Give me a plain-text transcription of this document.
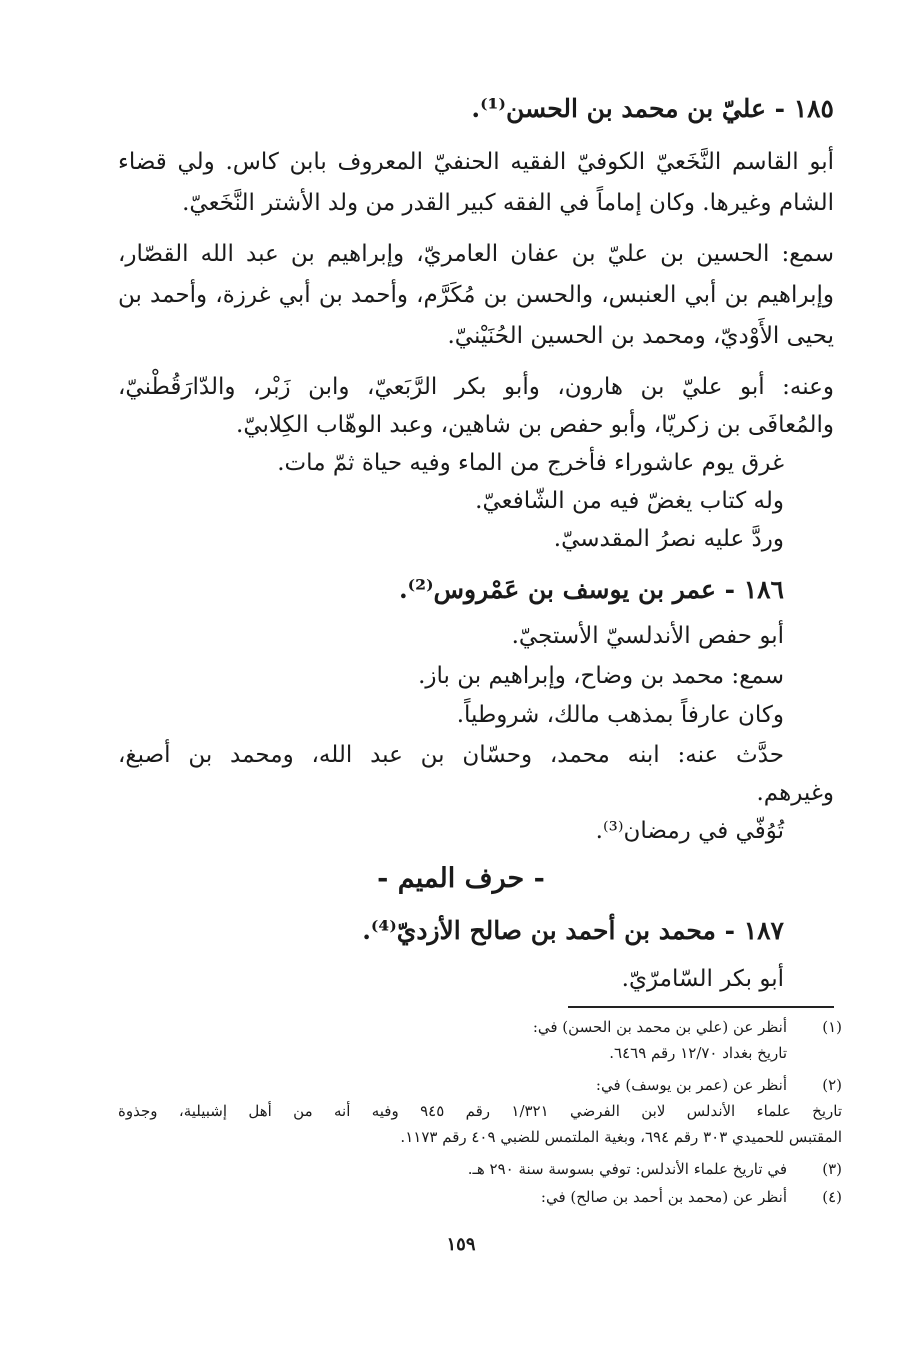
١٨٥ - عليّ بن محمد بن الحسن⁽¹⁾.
أبو القاسم النَّخَعيّ الكوفيّ الفقيه الحنفيّ المعروف بابن كاس. ولي قضاء
الشام وغيرها. وكان إماماً في الفقه كبير القدر من ولد الأشتر النَّخَعيّ.
سمع: الحسين بن عليّ بن عفان العامريّ، وإبراهيم بن عبد الله القصّار،
وإبراهيم بن أبي العنبس، والحسن بن مُكَرَّم، وأحمد بن أبي غرزة، وأحمد بن
يحيى الأَوْديّ، ومحمد بن الحسين الحُنَيْنيّ.
وعنه: أبو عليّ بن هارون، وأبو بكر الرَّبَعيّ، وابن زَبْر، والدّارَقُطْنيّ،
والمُعافَى بن زكريّا، وأبو حفص بن شاهين، وعبد الوهّاب الكِلابيّ.
غرق يوم عاشوراء فأخرج من الماء وفيه حياة ثمّ مات.
وله كتاب يغضّ فيه من الشّافعيّ.
وردَّ عليه نصرُ المقدسيّ.
١٨٦ - عمر بن يوسف بن عَمْروس⁽²⁾.
أبو حفص الأندلسيّ الأستجيّ.
سمع: محمد بن وضاح، وإبراهيم بن باز.
وكان عارفاً بمذهب مالك، شروطياً.
حدَّث عنه: ابنه محمد، وحسّان بن عبد الله، ومحمد بن أصبغ،
وغيرهم.
تُوُفّي في رمضان⁽³⁾.
- حرف الميم -
١٨٧ - محمد بن أحمد بن صالح الأزديّ⁽⁴⁾.
أبو بكر السّامرّيّ.
(١)
أنظر عن (علي بن محمد بن الحسن) في:
تاريخ بغداد ١٢/٧٠ رقم ٦٤٦٩.
(٢)
أنظر عن (عمر بن يوسف) في:
تاريخ علماء الأندلس لابن الفرضي ١/٣٢١ رقم ٩٤٥ وفيه أنه من أهل إشبيلية، وجذوة
المقتبس للحميدي ٣٠٣ رقم ٦٩٤، وبغية الملتمس للضبي ٤٠٩ رقم ١١٧٣.
(٣)
في تاريخ علماء الأندلس: توفي بسوسة سنة ٢٩٠ هـ.
(٤)
أنظر عن (محمد بن أحمد بن صالح) في:
١٥٩
